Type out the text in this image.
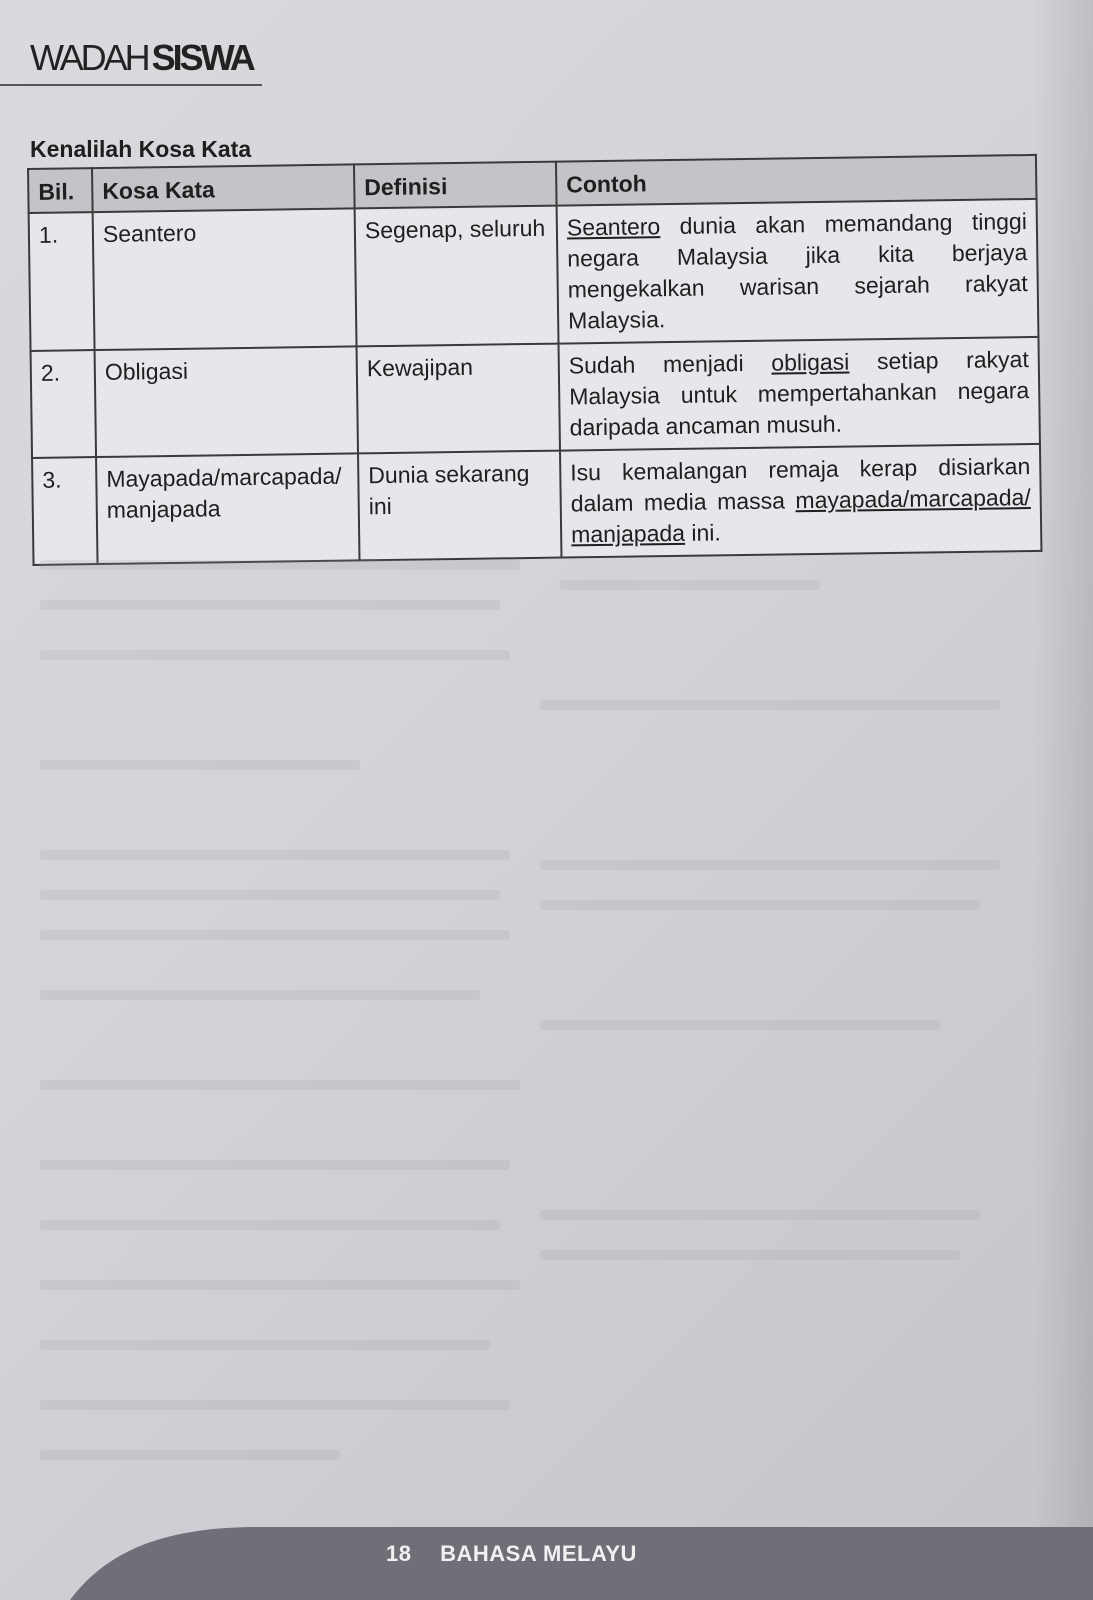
WADAH SISWA
Kenalilah Kosa Kata
Bil.	Kosa Kata	Definisi	Contoh
1.	Seantero	Segenap, seluruh	Seantero dunia akan memandang tinggi negara Malaysia jika kita berjaya mengekalkan warisan sejarah rakyat Malaysia.
2.	Obligasi	Kewajipan	Sudah menjadi obligasi setiap rakyat Malaysia untuk mempertahankan negara daripada ancaman musuh.
3.	Mayapada/marcapada/ manjapada	Dunia sekarang ini	Isu kemalangan remaja kerap disiarkan dalam media massa mayapada/marcapada/ manjapada ini.
18 BAHASA MELAYU
